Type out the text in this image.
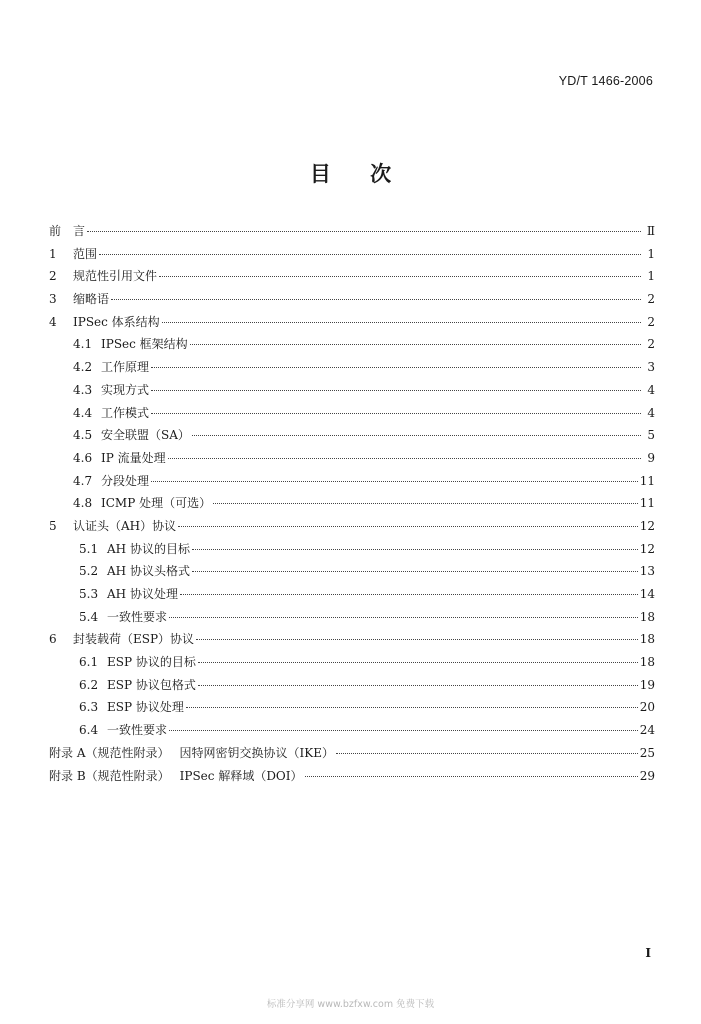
YD/T 1466-2006
目 次
前 言	Ⅱ
1	范围	1
2	规范性引用文件	1
3	缩略语	2
4	IPSec 体系结构	2
4.1 IPSec 框架结构	2
4.2 工作原理	3
4.3 实现方式	4
4.4 工作模式	4
4.5 安全联盟（SA）	5
4.6 IP 流量处理	9
4.7 分段处理	11
4.8 ICMP 处理（可选）	11
5	认证头（AH）协议	12
5.1 AH 协议的目标	12
5.2 AH 协议头格式	13
5.3 AH 协议处理	14
5.4 一致性要求	18
6	封装载荷（ESP）协议	18
6.1 ESP 协议的目标	18
6.2 ESP 协议包格式	19
6.3 ESP 协议处理	20
6.4 一致性要求	24
附录 A（规范性附录） 因特网密钥交换协议（IKE）	25
附录 B（规范性附录） IPSec 解释域（DOI）	29
I
标准分享网 www.bzfxw.com 免费下载
